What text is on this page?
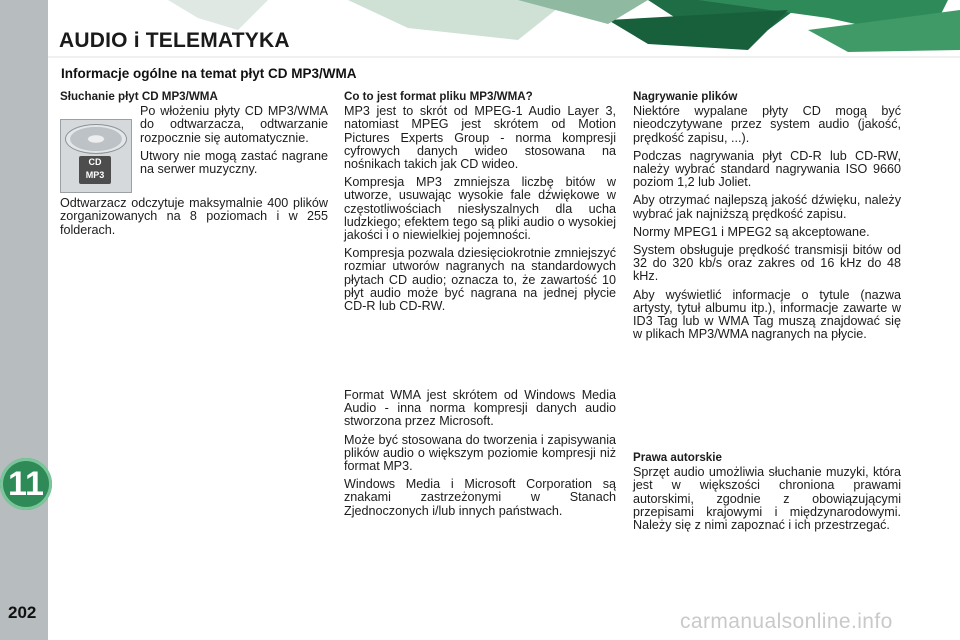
AUDIO i TELEMATYKA
Informacje ogólne na temat płyt CD MP3/WMA
Słuchanie płyt CD MP3/WMA
CD
MP3

Po włożeniu płyty CD MP3/WMA do odtwarzacza, odtwarzanie rozpocznie się automatycznie.

Utwory nie mogą zastać nagrane na serwer muzyczny.

Odtwarzacz odczytuje maksymalnie 400 plików zorganizowanych na 8 poziomach i w 255 folderach.

Co to jest format pliku MP3/WMA?

MP3 jest to skrót od MPEG-1 Audio Layer 3, natomiast MPEG jest skrótem od Motion Pictures Experts Group - norma kompresji cyfrowych danych wideo stosowana na nośnikach takich jak CD wideo.

Kompresja MP3 zmniejsza liczbę bitów w utworze, usuwając wysokie fale dźwiękowe w częstotliwościach niesłyszalnych dla ucha ludzkiego; efektem tego są pliki audio o wysokiej jakości i o niewielkiej pojemności.

Kompresja pozwala dziesięciokrotnie zmniejszyć rozmiar utworów nagranych na standardowych płytach CD audio; oznacza to, że zawartość 10 płyt audio może być nagrana na jednej płycie CD-R lub CD-RW.

Format WMA jest skrótem od Windows Media Audio - inna norma kompresji danych audio stworzona przez Microsoft.

Może być stosowana do tworzenia i zapisywania plików audio o większym poziomie kompresji niż format MP3.

Windows Media i Microsoft Corporation są znakami zastrzeżonymi w Stanach Zjednoczonych i/lub innych państwach.

Nagrywanie plików

Niektóre wypalane płyty CD mogą być nieodczytywane przez system audio (jakość, prędkość zapisu, ...).

Podczas nagrywania płyt CD-R lub CD-RW, należy wybrać standard nagrywania ISO 9660 poziom 1,2 lub Joliet.

Aby otrzymać najlepszą jakość dźwięku, należy wybrać jak najniższą prędkość zapisu.

Normy MPEG1 i MPEG2 są akceptowane.

System obsługuje prędkość transmisji bitów od 32 do 320 kb/s oraz zakres od 16 kHz do 48 kHz.

Aby wyświetlić informacje o tytule (nazwa artysty, tytuł albumu itp.), informacje zawarte w ID3 Tag lub w WMA Tag muszą znajdować się w plikach MP3/WMA nagranych na płycie.

Prawa autorskie

Sprzęt audio umożliwia słuchanie muzyki, która jest w większości chroniona prawami autorskimi, zgodnie z obowiązującymi przepisami krajowymi i międzynarodowymi. Należy się z nimi zapoznać i ich przestrzegać.

11
202	carmanualsonline.info
